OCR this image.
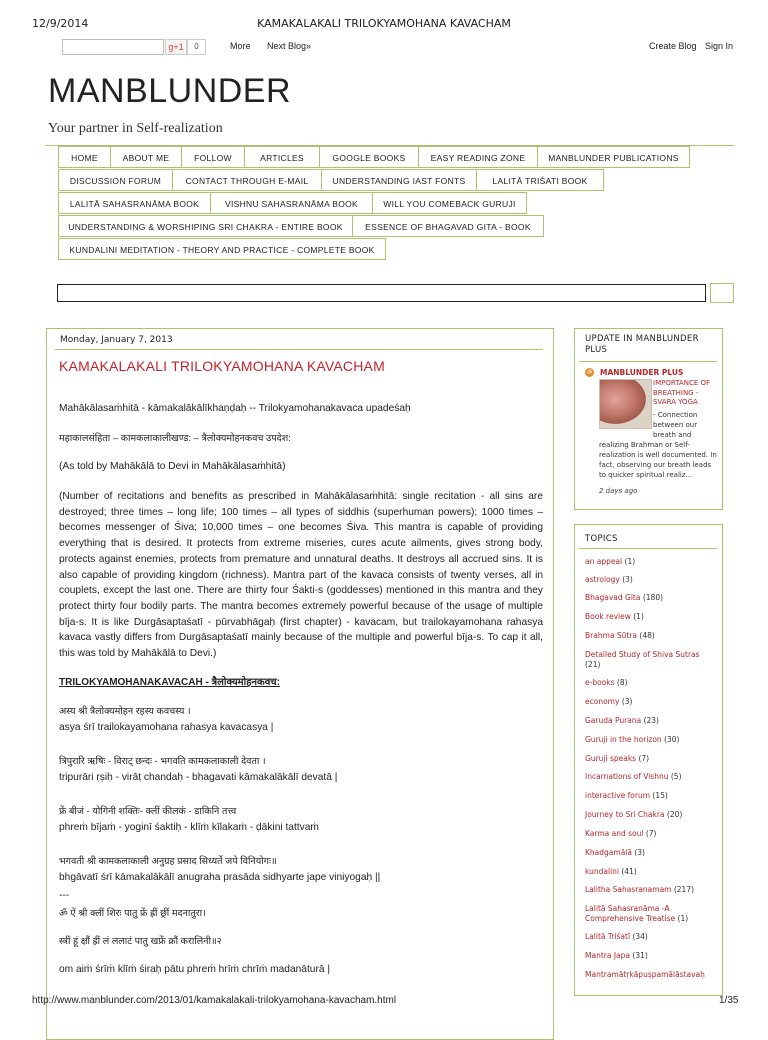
12/9/2014	KAMAKALAKALI TRILOKYAMOHANA KAVACHAM
g+1	0	More Next Blog»	Create Blog Sign In
MANBLUNDER
Your partner in Self-realization
HOME	ABOUT ME	FOLLOW	ARTICLES	GOOGLE BOOKS	EASY READING ZONE	MANBLUNDER PUBLICATIONS
DISCUSSION FORUM	CONTACT THROUGH E-MAIL	UNDERSTANDING IAST FONTS	LALITĀ TRIŚATI BOOK
LALITĀ SAHASRANĀMA BOOK	VISHNU SAHASRANĀMA BOOK	WILL YOU COMEBACK GURUJI
UNDERSTANDING & WORSHIPING SRI CHAKRA - ENTIRE BOOK	ESSENCE OF BHAGAVAD GITA - BOOK
KUNDALINI MEDITATION - THEORY AND PRACTICE - COMPLETE BOOK
Monday, January 7, 2013
KAMAKALAKALI TRILOKYAMOHANA KAVACHAM
Mahākālasaṁhitā - kāmakalākālīkhaṇḍaḥ -- Trilokyamohanakavaca upadeśaḥ
महाकालसंहिता – कामकलाकालीखण्ड: – त्रैलोक्यमोहनकवच उपदेश:
(As told by Mahākālā to Devi in Mahākālasaṁhitā)
(Number of recitations and benefits as prescribed in Mahākālasaṁhitā: single recitation - all sins are destroyed; three times – long life; 100 times – all types of siddhis (superhuman powers); 1000 times – becomes messenger of Śiva; 10,000 times – one becomes Śiva. This mantra is capable of providing everything that is desired. It protects from extreme miseries, cures acute ailments, gives strong body, protects against enemies, protects from premature and unnatural deaths. It destroys all accrued sins. It is also capable of providing kingdom (richness). Mantra part of the kavaca consists of twenty verses, all in couplets, except the last one. There are thirty four Śakti-s (goddesses) mentioned in this mantra and they protect thirty four bodily parts. The mantra becomes extremely powerful because of the usage of multiple bīja-s. It is like Durgāsaptaśatī - pūrvabhāgaḥ (first chapter) - kavacam, but trailokayamohana rahasya kavaca vastly differs from Durgāsaptaśatī mainly because of the multiple and powerful bīja-s. To cap it all, this was told by Mahākālā to Devi.)
TRILOKYAMOHANAKAVACAH - त्रैलोक्यमोहनकवच:
अस्य श्री त्रैलोक्यमोहन रहस्य कवचस्य ।
asya śrī trailokayamohana rahasya kavacasya |
त्रिपुरारि ऋषिः - विराट् छन्दः - भगवति कामकलाकाली देवता ।
tripurāri ṛṣiḥ - virāṭ chandaḥ - bhagavati kāmakalākālī devatā |
फ्रें बीजं - योगिनी शक्तिः- क्लीं कीलकं - डाकिनि तत्त्व
phreṁ bījaṁ - yoginī śaktiḥ - klīṁ kīlakaṁ - ḍākini tattvaṁ
भगवती श्री कामकलाकाली अनुग्रह प्रसाद सिध्यर्ते जपे विनियोगः॥
bhgāvatī śrī kāmakalākālī anugraha prasāda sidhyarte jape viniyogaḥ ||
---
ॐ ऐं श्री क्लीं शिरः पातु फ्रें ह्रीं छ्रीं मदनातुरा।
स्त्रीं हूं क्षौं ह्रीं लं ललाटं पातु खफ्रें क्रौं करालिनी॥२
om aiṁ śrīṁ klīṁ śiraḥ pātu phreṁ hrīṁ chrīṁ madanāturā |
UPDATE IN MANBLUNDER PLUS
ॐ MANBLUNDER PLUS
IMPORTANCE OF BREATHING - SVARA YOGA
- Connection between our breath and
realizing Brahman or Self-realization is well documented. In fact, observing our breath leads to quicker spiritual realiz...
2 days ago
TOPICS
an appeal (1)
astrology (3)
Bhagavad Gita (180)
Book review (1)
Brahma Sūtra (48)
Detailed Study of Shiva Sutras (21)
e-books (8)
economy (3)
Garuda Purana (23)
Guruji in the horizon (30)
Guruji speaks (7)
Incarnations of Vishnu (5)
interactive forum (15)
Journey to Sri Chakra (20)
Karma and soul (7)
Khadgamālā (3)
kundalini (41)
Lalitha Sahasranamam (217)
Lalitā Sahasranāma -A Comprehensive Treatise (1)
Lalitā Triśatī (34)
Mantra Japa (31)
Mantramātṛkāpuṣpamālāstavaḥ
http://www.manblunder.com/2013/01/kamakalakali-trilokyamohana-kavacham.html	1/35
